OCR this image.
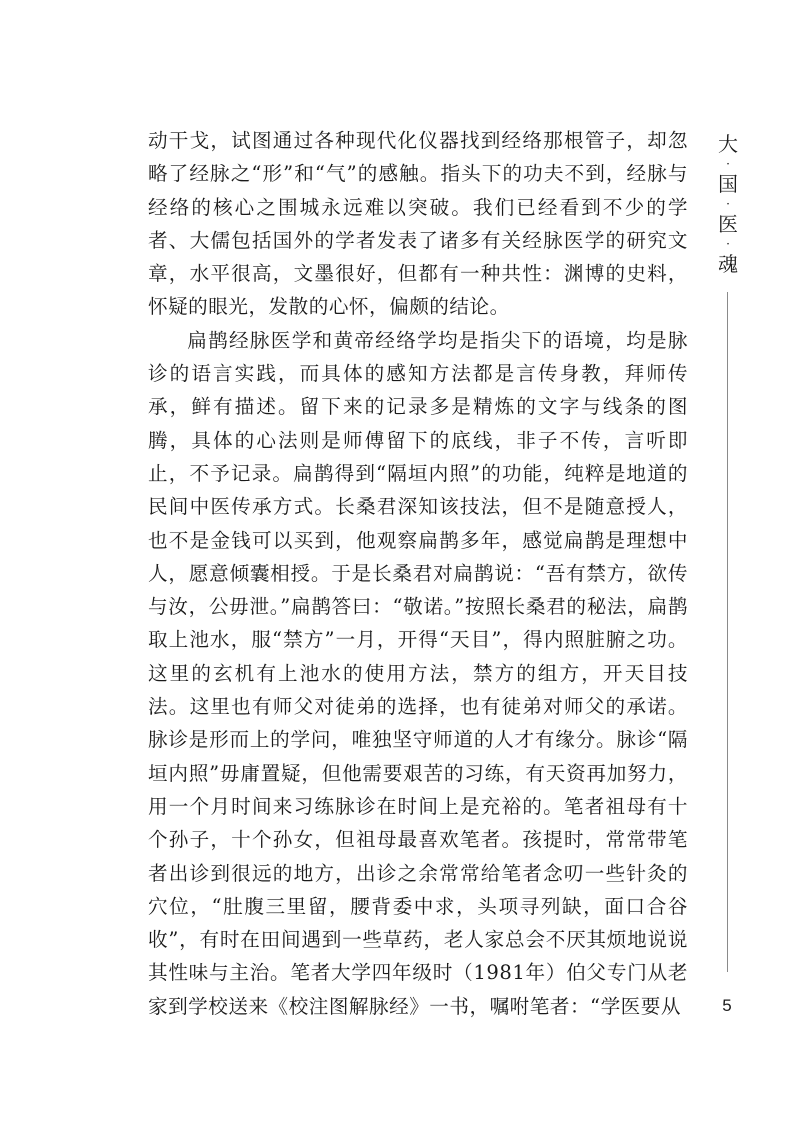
动干戈，试图通过各种现代化仪器找到经络那根管子，却忽略了经脉之“形”和“气”的感触。指头下的功夫不到，经脉与经络的核心之围城永远难以突破。我们已经看到不少的学者、大儒包括国外的学者发表了诸多有关经脉医学的研究文章，水平很高，文墨很好，但都有一种共性：渊博的史料，怀疑的眼光，发散的心怀，偏颇的结论。

扁鹊经脉医学和黄帝经络学均是指尖下的语境，均是脉诊的语言实践，而具体的感知方法都是言传身教，拜师传承，鲜有描述。留下来的记录多是精炼的文字与线条的图腾，具体的心法则是师傅留下的底线，非子不传，言听即止，不予记录。扁鹊得到“隔垣内照”的功能，纯粹是地道的民间中医传承方式。长桑君深知该技法，但不是随意授人，也不是金钱可以买到，他观察扁鹊多年，感觉扁鹊是理想中人，愿意倾囊相授。于是长桑君对扁鹊说：“吾有禁方，欲传与汝，公毋泄。”扁鹊答曰：“敬诺。”按照长桑君的秘法，扁鹊取上池水，服“禁方”一月，开得“天目”，得内照脏腑之功。这里的玄机有上池水的使用方法，禁方的组方，开天目技法。这里也有师父对徒弟的选择，也有徒弟对师父的承诺。脉诊是形而上的学问，唯独坚守师道的人才有缘分。脉诊“隔垣内照”毋庸置疑，但他需要艰苦的习练，有天资再加努力，用一个月时间来习练脉诊在时间上是充裕的。笔者祖母有十个孙子，十个孙女，但祖母最喜欢笔者。孩提时，常常带笔者出诊到很远的地方，出诊之余常常给笔者念叨一些针灸的穴位，“肚腹三里留，腰背委中求，头项寻列缺，面口合谷收”，有时在田间遇到一些草药，老人家总会不厌其烦地说说其性味与主治。笔者大学四年级时（1981年）伯父专门从老家到学校送来《校注图解脉经》一书，嘱咐笔者：“学医要从

大
·
国
·
医
·
魂
5
